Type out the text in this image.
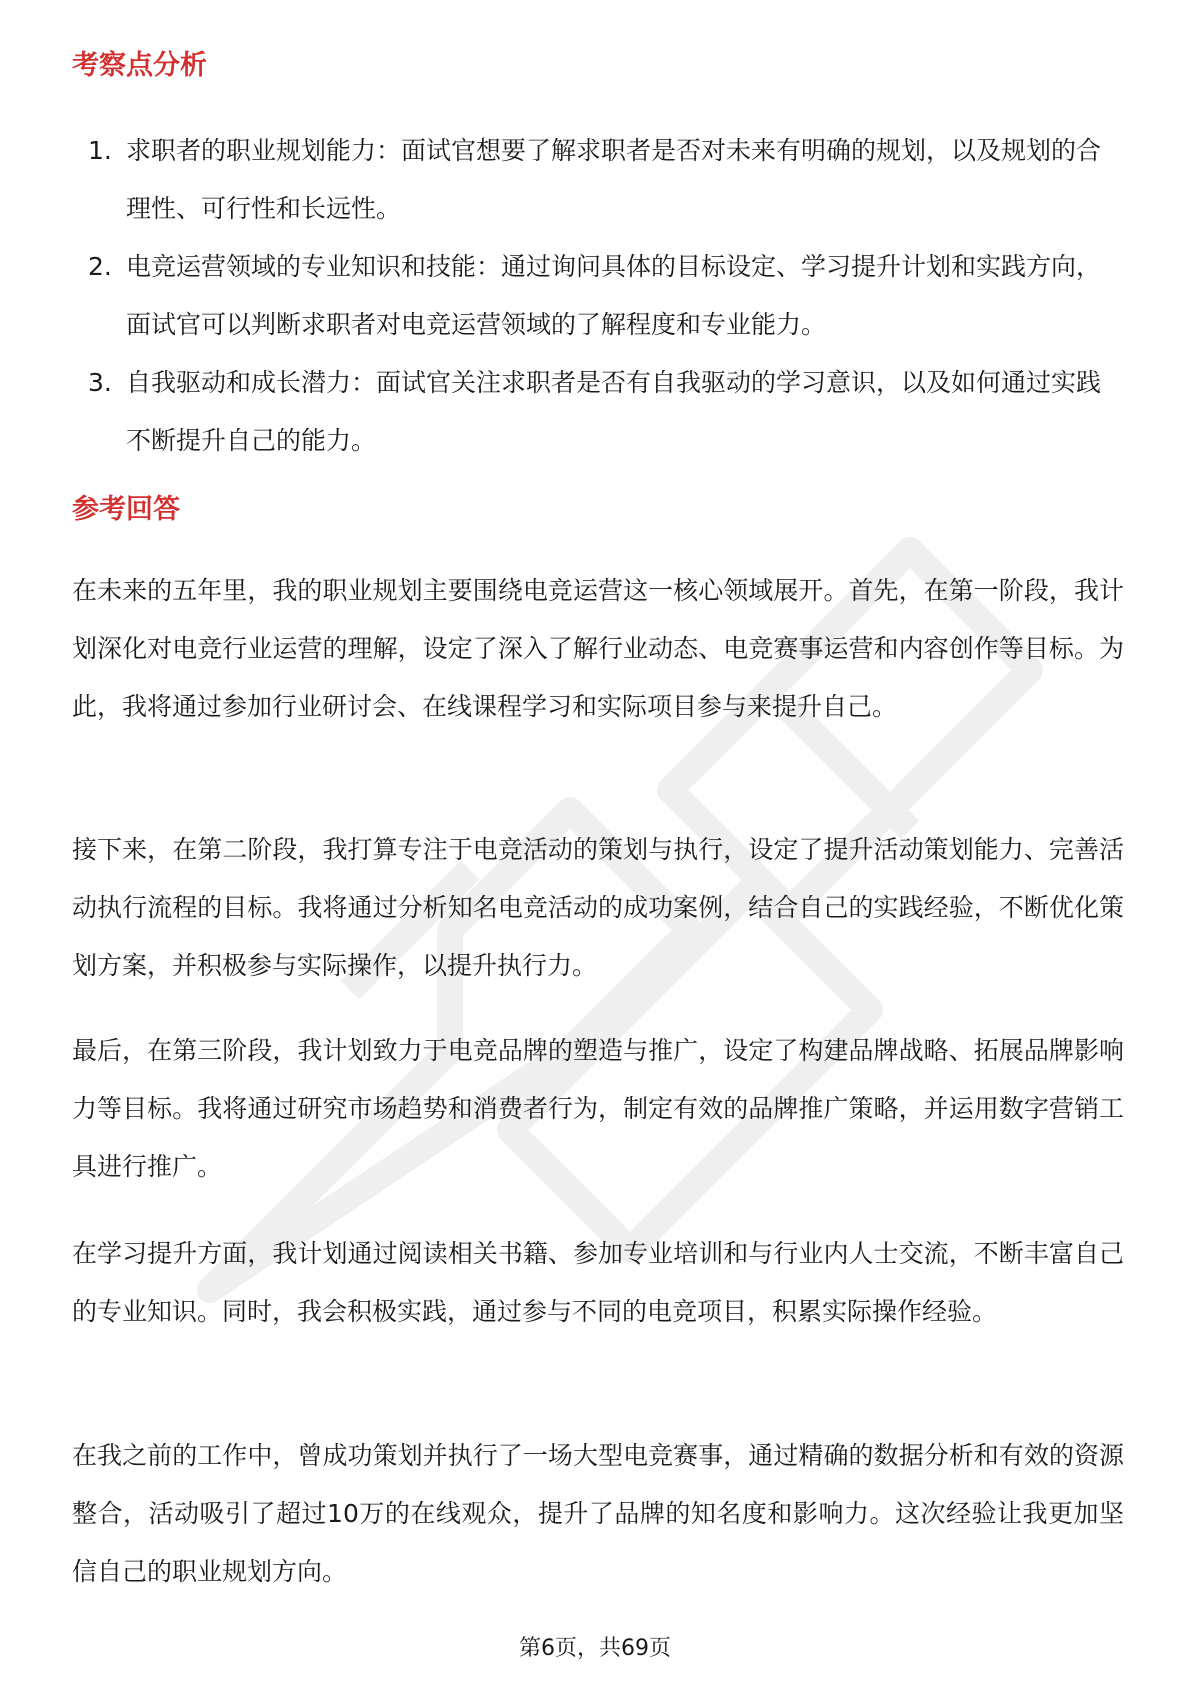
考察点分析
1. 求职者的职业规划能力：面试官想要了解求职者是否对未来有明确的规划，以及规划的合理性、可行性和长远性。
2. 电竞运营领域的专业知识和技能：通过询问具体的目标设定、学习提升计划和实践方向，面试官可以判断求职者对电竞运营领域的了解程度和专业能力。
3. 自我驱动和成长潜力：面试官关注求职者是否有自我驱动的学习意识，以及如何通过实践不断提升自己的能力。
参考回答

在未来的五年里，我的职业规划主要围绕电竞运营这一核心领域展开。首先，在第一阶段，我计划深化对电竞行业运营的理解，设定了深入了解行业动态、电竞赛事运营和内容创作等目标。为此，我将通过参加行业研讨会、在线课程学习和实际项目参与来提升自己。

接下来，在第二阶段，我打算专注于电竞活动的策划与执行，设定了提升活动策划能力、完善活动执行流程的目标。我将通过分析知名电竞活动的成功案例，结合自己的实践经验，不断优化策划方案，并积极参与实际操作，以提升执行力。

最后，在第三阶段，我计划致力于电竞品牌的塑造与推广，设定了构建品牌战略、拓展品牌影响力等目标。我将通过研究市场趋势和消费者行为，制定有效的品牌推广策略，并运用数字营销工具进行推广。

在学习提升方面，我计划通过阅读相关书籍、参加专业培训和与行业内人士交流，不断丰富自己的专业知识。同时，我会积极实践，通过参与不同的电竞项目，积累实际操作经验。

在我之前的工作中，曾成功策划并执行了一场大型电竞赛事，通过精确的数据分析和有效的资源整合，活动吸引了超过10万的在线观众，提升了品牌的知名度和影响力。这次经验让我更加坚信自己的职业规划方向。

第6页，共69页
